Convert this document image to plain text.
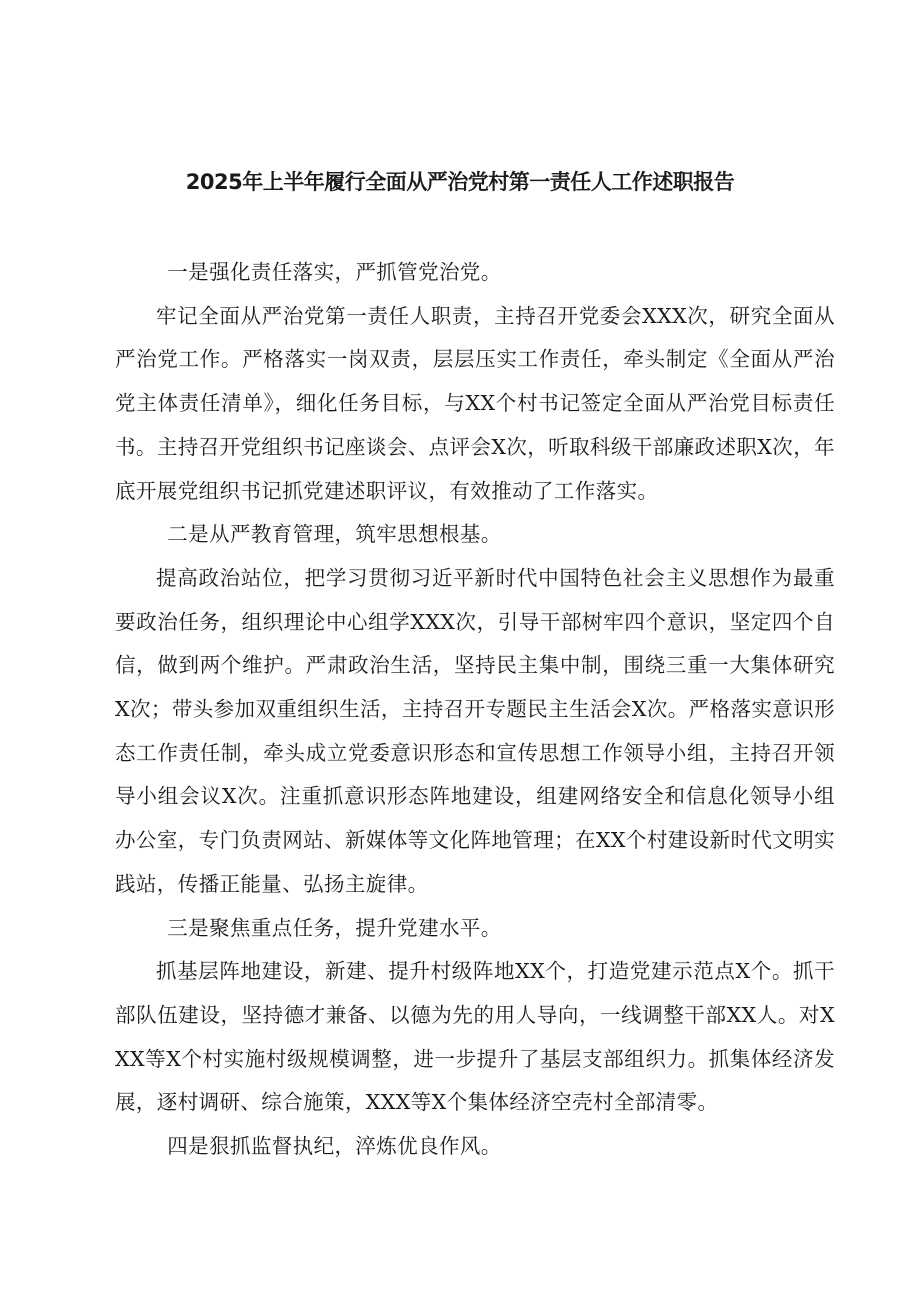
2025年上半年履行全面从严治党村第一责任人工作述职报告

一是强化责任落实，严抓管党治党。

牢记全面从严治党第一责任人职责，主持召开党委会XXX次，研究全面从严治党工作。严格落实一岗双责，层层压实工作责任，牵头制定《全面从严治党主体责任清单》，细化任务目标，与XX个村书记签定全面从严治党目标责任书。主持召开党组织书记座谈会、点评会X次，听取科级干部廉政述职X次，年底开展党组织书记抓党建述职评议，有效推动了工作落实。

二是从严教育管理，筑牢思想根基。

提高政治站位，把学习贯彻习近平新时代中国特色社会主义思想作为最重要政治任务，组织理论中心组学XXX次，引导干部树牢四个意识，坚定四个自信，做到两个维护。严肃政治生活，坚持民主集中制，围绕三重一大集体研究X次；带头参加双重组织生活，主持召开专题民主生活会X次。严格落实意识形态工作责任制，牵头成立党委意识形态和宣传思想工作领导小组，主持召开领导小组会议X次。注重抓意识形态阵地建设，组建网络安全和信息化领导小组办公室，专门负责网站、新媒体等文化阵地管理；在XX个村建设新时代文明实践站，传播正能量、弘扬主旋律。

三是聚焦重点任务，提升党建水平。

抓基层阵地建设，新建、提升村级阵地XX个，打造党建示范点X个。抓干部队伍建设，坚持德才兼备、以德为先的用人导向，一线调整干部XX人。对XXX等X个村实施村级规模调整，进一步提升了基层支部组织力。抓集体经济发展，逐村调研、综合施策，XXX等X个集体经济空壳村全部清零。

四是狠抓监督执纪，淬炼优良作风。
